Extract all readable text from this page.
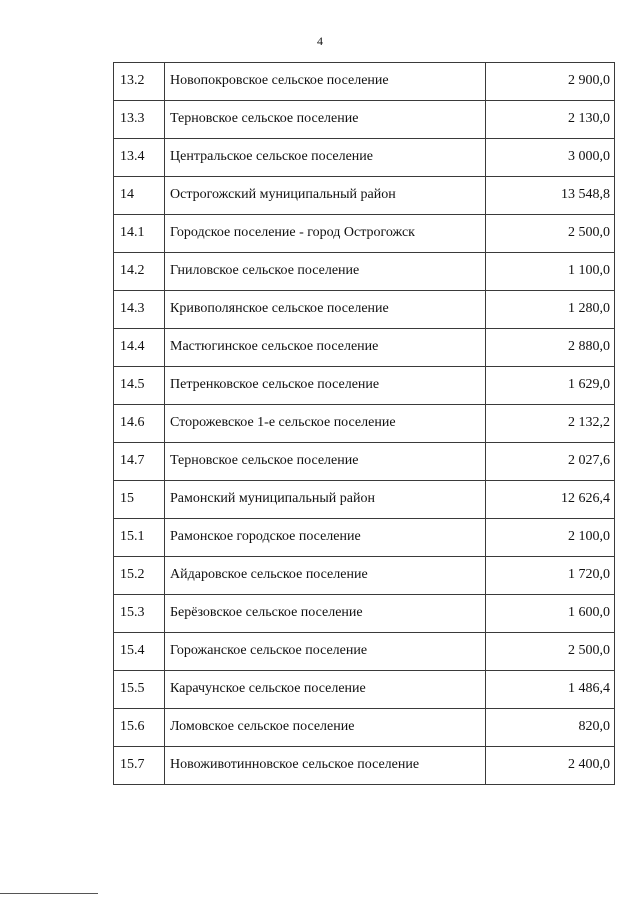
4
13.2	Новопокровское сельское поселение	2 900,0
13.3	Терновское сельское поселение	2 130,0
13.4	Центральское сельское поселение	3 000,0
14	Острогожский муниципальный район	13 548,8
14.1	Городское поселение - город Острогожск	2 500,0
14.2	Гниловское сельское поселение	1 100,0
14.3	Кривополянское сельское поселение	1 280,0
14.4	Мастюгинское сельское поселение	2 880,0
14.5	Петренковское сельское поселение	1 629,0
14.6	Сторожевское 1-е сельское поселение	2 132,2
14.7	Терновское сельское поселение	2 027,6
15	Рамонский муниципальный район	12 626,4
15.1	Рамонское городское поселение	2 100,0
15.2	Айдаровское сельское поселение	1 720,0
15.3	Берёзовское сельское поселение	1 600,0
15.4	Горожанское сельское поселение	2 500,0
15.5	Карачунское сельское поселение	1 486,4
15.6	Ломовское сельское поселение	820,0
15.7	Новоживотинновское сельское поселение	2 400,0
